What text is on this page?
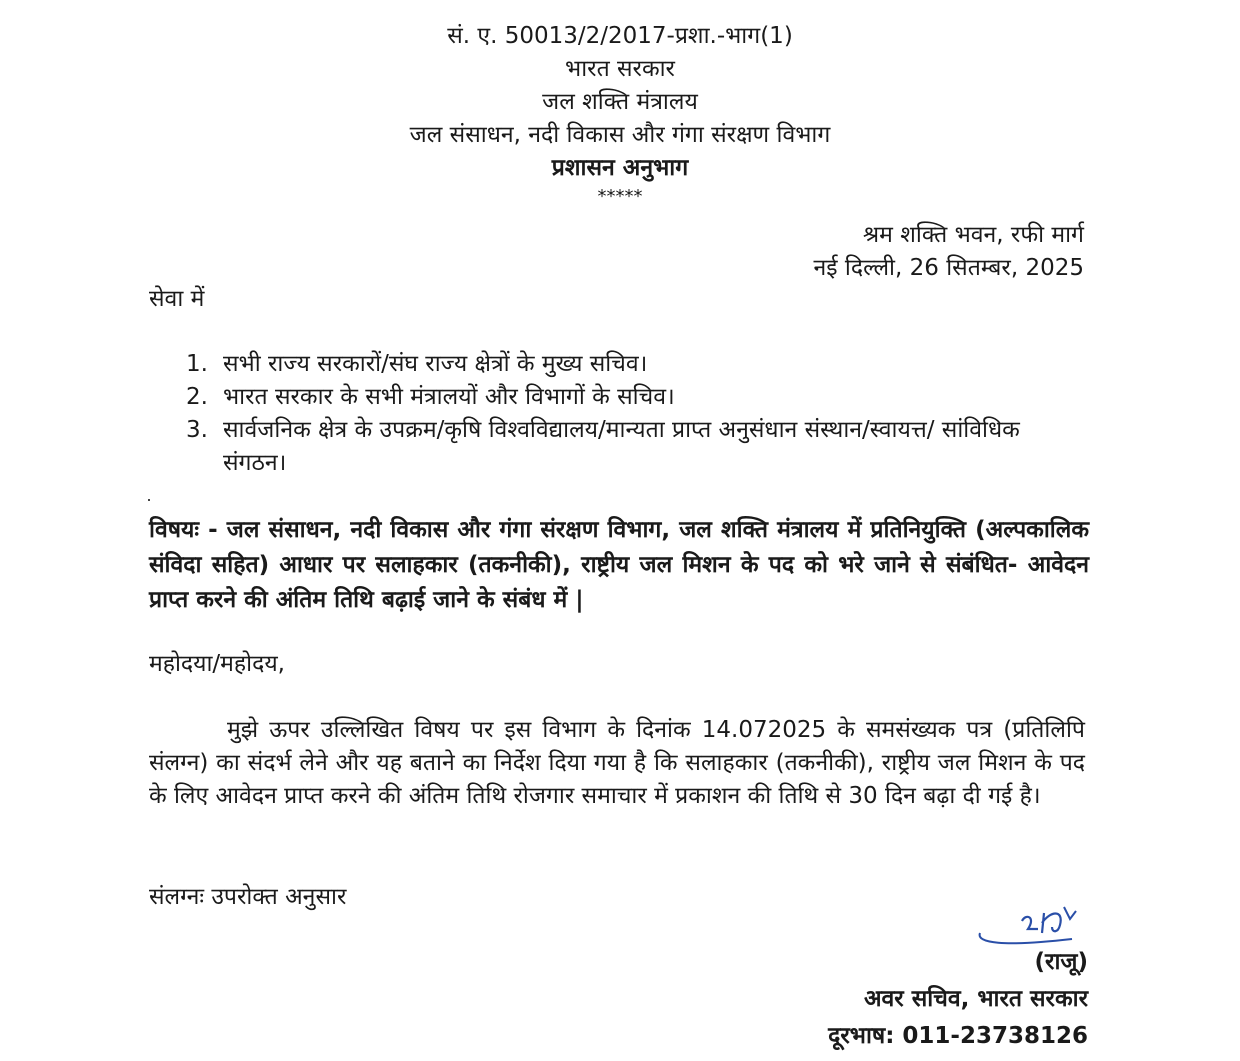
सं. ए. 50013/2/2017-प्रशा.-भाग(1)
भारत सरकार
जल शक्ति मंत्रालय
जल संसाधन, नदी विकास और गंगा संरक्षण विभाग
प्रशासन अनुभाग
*****
श्रम शक्ति भवन, रफी मार्ग
नई दिल्ली, 26 सितम्बर, 2025
सेवा में
1. सभी राज्य सरकारों/संघ राज्य क्षेत्रों के मुख्य सचिव।
2. भारत सरकार के सभी मंत्रालयों और विभागों के सचिव।
3. सार्वजनिक क्षेत्र के उपक्रम/कृषि विश्वविद्यालय/मान्यता प्राप्त अनुसंधान संस्थान/स्वायत्त/ सांविधिक संगठन।
विषयः - जल संसाधन, नदी विकास और गंगा संरक्षण विभाग, जल शक्ति मंत्रालय में प्रतिनियुक्ति (अल्पकालिक संविदा सहित) आधार पर सलाहकार (तकनीकी), राष्ट्रीय जल मिशन के पद को भरे जाने से संबंधित- आवेदन प्राप्त करने की अंतिम तिथि बढ़ाई जाने के संबंध में |
महोदया/महोदय,
मुझे ऊपर उल्लिखित विषय पर इस विभाग के दिनांक 14.072025 के समसंख्यक पत्र (प्रतिलिपि संलग्न) का संदर्भ लेने और यह बताने का निर्देश दिया गया है कि सलाहकार (तकनीकी), राष्ट्रीय जल मिशन के पद के लिए आवेदन प्राप्त करने की अंतिम तिथि रोजगार समाचार में प्रकाशन की तिथि से 30 दिन बढ़ा दी गई है।
संलग्नः उपरोक्त अनुसार
(राजू)
अवर सचिव, भारत सरकार
दूरभाष: 011-23738126
